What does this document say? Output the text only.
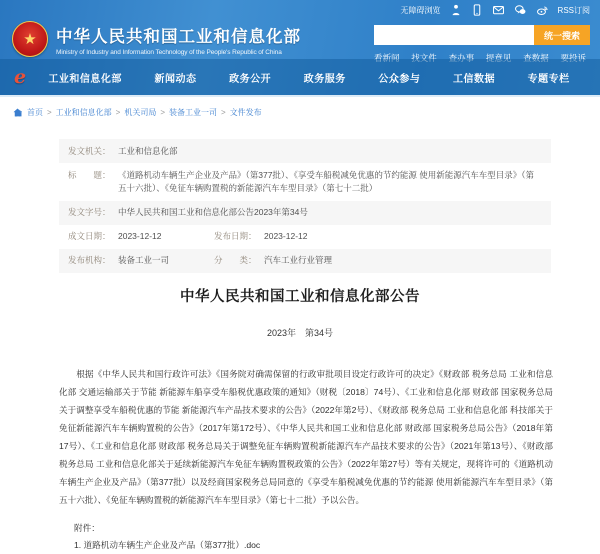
无障碍浏览	RSS订阅
★	中华人民共和国工业和信息化部
Ministry of Industry and Information Technology of the People's Republic of China
统一搜索
看新闻 找文件 查办事 提意见 查数据 要投诉
e 工业和信息化部	新闻动态	政务公开	政务服务	公众参与	工信数据	专题专栏
首页 > 工业和信息化部 > 机关司局 > 装备工业一司 > 文件发布
发文机关： 工业和信息化部
标　　题： 《道路机动车辆生产企业及产品》（第377批）、《享受车船税减免优惠的节约能源 使用新能源汽车车型目录》（第五十六批）、《免征车辆购置税的新能源汽车车型目录》（第七十二批）
发文字号： 中华人民共和国工业和信息化部公告2023年第34号
成文日期： 2023-12-12	发布日期： 2023-12-12
发布机构： 装备工业一司	分　　类： 汽车工业行业管理
中华人民共和国工业和信息化部公告
2023年　第34号

根据《中华人民共和国行政许可法》《国务院对确需保留的行政审批项目设定行政许可的决定》《财政部 税务总局 工业和信息化部 交通运输部关于节能 新能源车船享受车船税优惠政策的通知》（财税〔2018〕74号）、《工业和信息化部 财政部 国家税务总局关于调整享受车船税优惠的节能 新能源汽车产品技术要求的公告》（2022年第2号）、《财政部 税务总局 工业和信息化部 科技部关于免征新能源汽车车辆购置税的公告》（2017年第172号）、《中华人民共和国工业和信息化部 财政部 国家税务总局公告》（2018年第17号）、《工业和信息化部 财政部 税务总局关于调整免征车辆购置税新能源汽车产品技术要求的公告》（2021年第13号）、《财政部 税务总局 工业和信息化部关于延续新能源汽车免征车辆购置税政策的公告》（2022年第27号）等有关规定，现将许可的《道路机动车辆生产企业及产品》（第377批）以及经商国家税务总局同意的《享受车船税减免优惠的节约能源 使用新能源汽车车型目录》（第五十六批）、《免征车辆购置税的新能源汽车车型目录》（第七十二批）予以公告。

附件：
1. 道路机动车辆生产企业及产品（第377批）.doc
